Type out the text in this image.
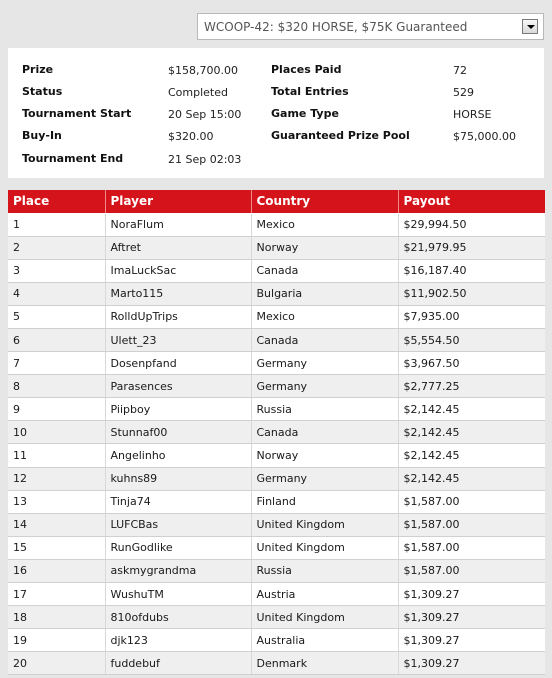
WCOOP-42: $320 HORSE, $75K Guaranteed
Prize	$158,700.00
Status	Completed
Tournament Start	20 Sep 15:00
Buy-In	$320.00
Tournament End	21 Sep 02:03
Places Paid	72
Total Entries	529
Game Type	HORSE
Guaranteed Prize Pool	$75,000.00
Place	Player	Country	Payout
1	NoraFlum	Mexico	$29,994.50
2	Aftret	Norway	$21,979.95
3	ImaLuckSac	Canada	$16,187.40
4	Marto115	Bulgaria	$11,902.50
5	RolldUpTrips	Mexico	$7,935.00
6	Ulett_23	Canada	$5,554.50
7	Dosenpfand	Germany	$3,967.50
8	Parasences	Germany	$2,777.25
9	Piipboy	Russia	$2,142.45
10	Stunnaf00	Canada	$2,142.45
11	Angelinho	Norway	$2,142.45
12	kuhns89	Germany	$2,142.45
13	Tinja74	Finland	$1,587.00
14	LUFCBas	United Kingdom	$1,587.00
15	RunGodlike	United Kingdom	$1,587.00
16	askmygrandma	Russia	$1,587.00
17	WushuTM	Austria	$1,309.27
18	810ofdubs	United Kingdom	$1,309.27
19	djk123	Australia	$1,309.27
20	fuddebuf	Denmark	$1,309.27
